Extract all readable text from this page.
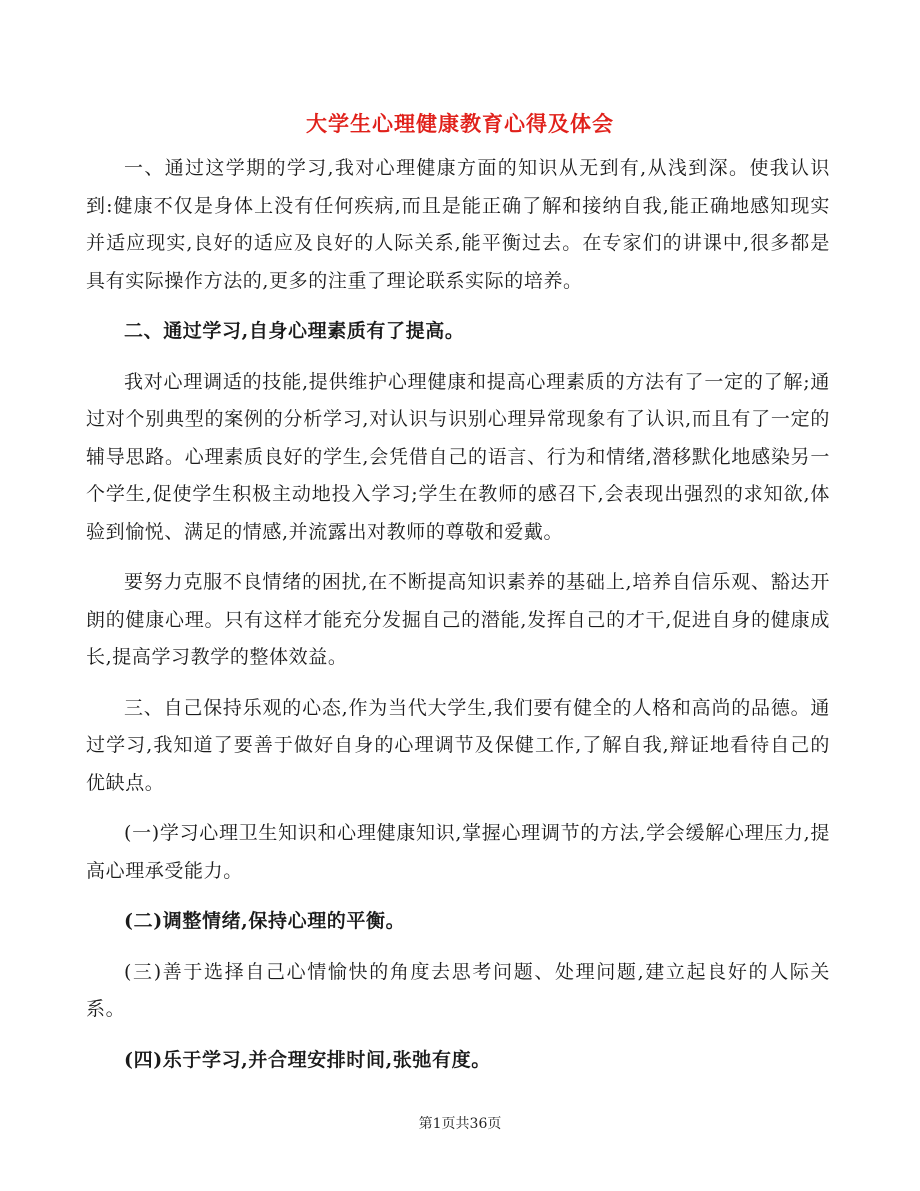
大学生心理健康教育心得及体会

一、通过这学期的学习,我对心理健康方面的知识从无到有,从浅到深。使我认识到:健康不仅是身体上没有任何疾病,而且是能正确了解和接纳自我,能正确地感知现实并适应现实,良好的适应及良好的人际关系,能平衡过去。在专家们的讲课中,很多都是具有实际操作方法的,更多的注重了理论联系实际的培养。

二、通过学习,自身心理素质有了提高。

我对心理调适的技能,提供维护心理健康和提高心理素质的方法有了一定的了解;通过对个别典型的案例的分析学习,对认识与识别心理异常现象有了认识,而且有了一定的辅导思路。心理素质良好的学生,会凭借自己的语言、行为和情绪,潜移默化地感染另一个学生,促使学生积极主动地投入学习;学生在教师的感召下,会表现出强烈的求知欲,体验到愉悦、满足的情感,并流露出对教师的尊敬和爱戴。

要努力克服不良情绪的困扰,在不断提高知识素养的基础上,培养自信乐观、豁达开朗的健康心理。只有这样才能充分发掘自己的潜能,发挥自己的才干,促进自身的健康成长,提高学习教学的整体效益。

三、自己保持乐观的心态,作为当代大学生,我们要有健全的人格和高尚的品德。通过学习,我知道了要善于做好自身的心理调节及保健工作,了解自我,辩证地看待自己的优缺点。

(一)学习心理卫生知识和心理健康知识,掌握心理调节的方法,学会缓解心理压力,提高心理承受能力。

(二)调整情绪,保持心理的平衡。

(三)善于选择自己心情愉快的角度去思考问题、处理问题,建立起良好的人际关系。

(四)乐于学习,并合理安排时间,张弛有度。

第1页共36页
